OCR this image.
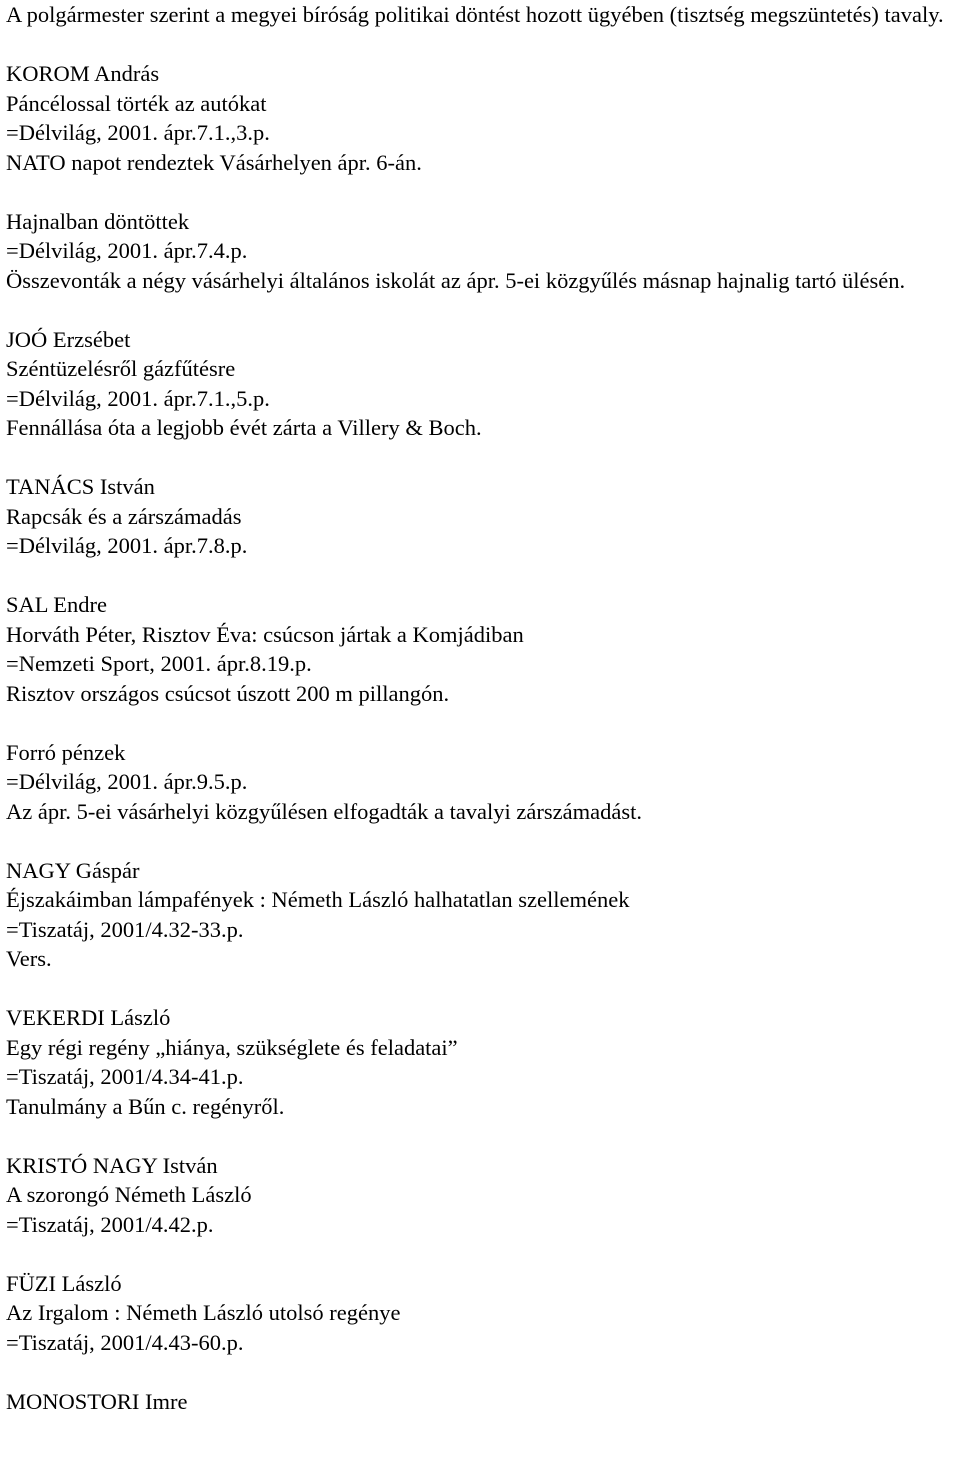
A polgármester szerint a megyei bíróság politikai döntést hozott ügyében (tisztség megszüntetés) tavaly.
KOROM András
Páncélossal törték az autókat
=Délvilág, 2001. ápr.7.1.,3.p.
NATO napot rendeztek Vásárhelyen ápr. 6-án.
Hajnalban döntöttek
=Délvilág, 2001. ápr.7.4.p.
Összevonták a négy vásárhelyi általános iskolát az ápr. 5-ei közgyűlés másnap hajnalig tartó ülésén.
JOÓ Erzsébet
Széntüzelésről gázfűtésre
=Délvilág, 2001. ápr.7.1.,5.p.
Fennállása óta a legjobb évét zárta a Villery & Boch.
TANÁCS István
Rapcsák és a zárszámadás
=Délvilág, 2001. ápr.7.8.p.
SAL Endre
Horváth Péter, Risztov Éva: csúcson jártak a Komjádiban
=Nemzeti Sport, 2001. ápr.8.19.p.
Risztov országos csúcsot úszott 200 m pillangón.
Forró pénzek
=Délvilág, 2001. ápr.9.5.p.
Az ápr. 5-ei vásárhelyi közgyűlésen elfogadták a tavalyi zárszámadást.
NAGY Gáspár
Éjszakáimban lámpafények : Németh László halhatatlan szellemének
=Tiszatáj, 2001/4.32-33.p.
Vers.
VEKERDI László
Egy régi regény „hiánya, szükséglete és feladatai”
=Tiszatáj, 2001/4.34-41.p.
Tanulmány a Bűn c. regényről.
KRISTÓ NAGY István
A szorongó Németh László
=Tiszatáj, 2001/4.42.p.
FÜZI László
Az Irgalom : Németh László utolsó regénye
=Tiszatáj, 2001/4.43-60.p.
MONOSTORI Imre
